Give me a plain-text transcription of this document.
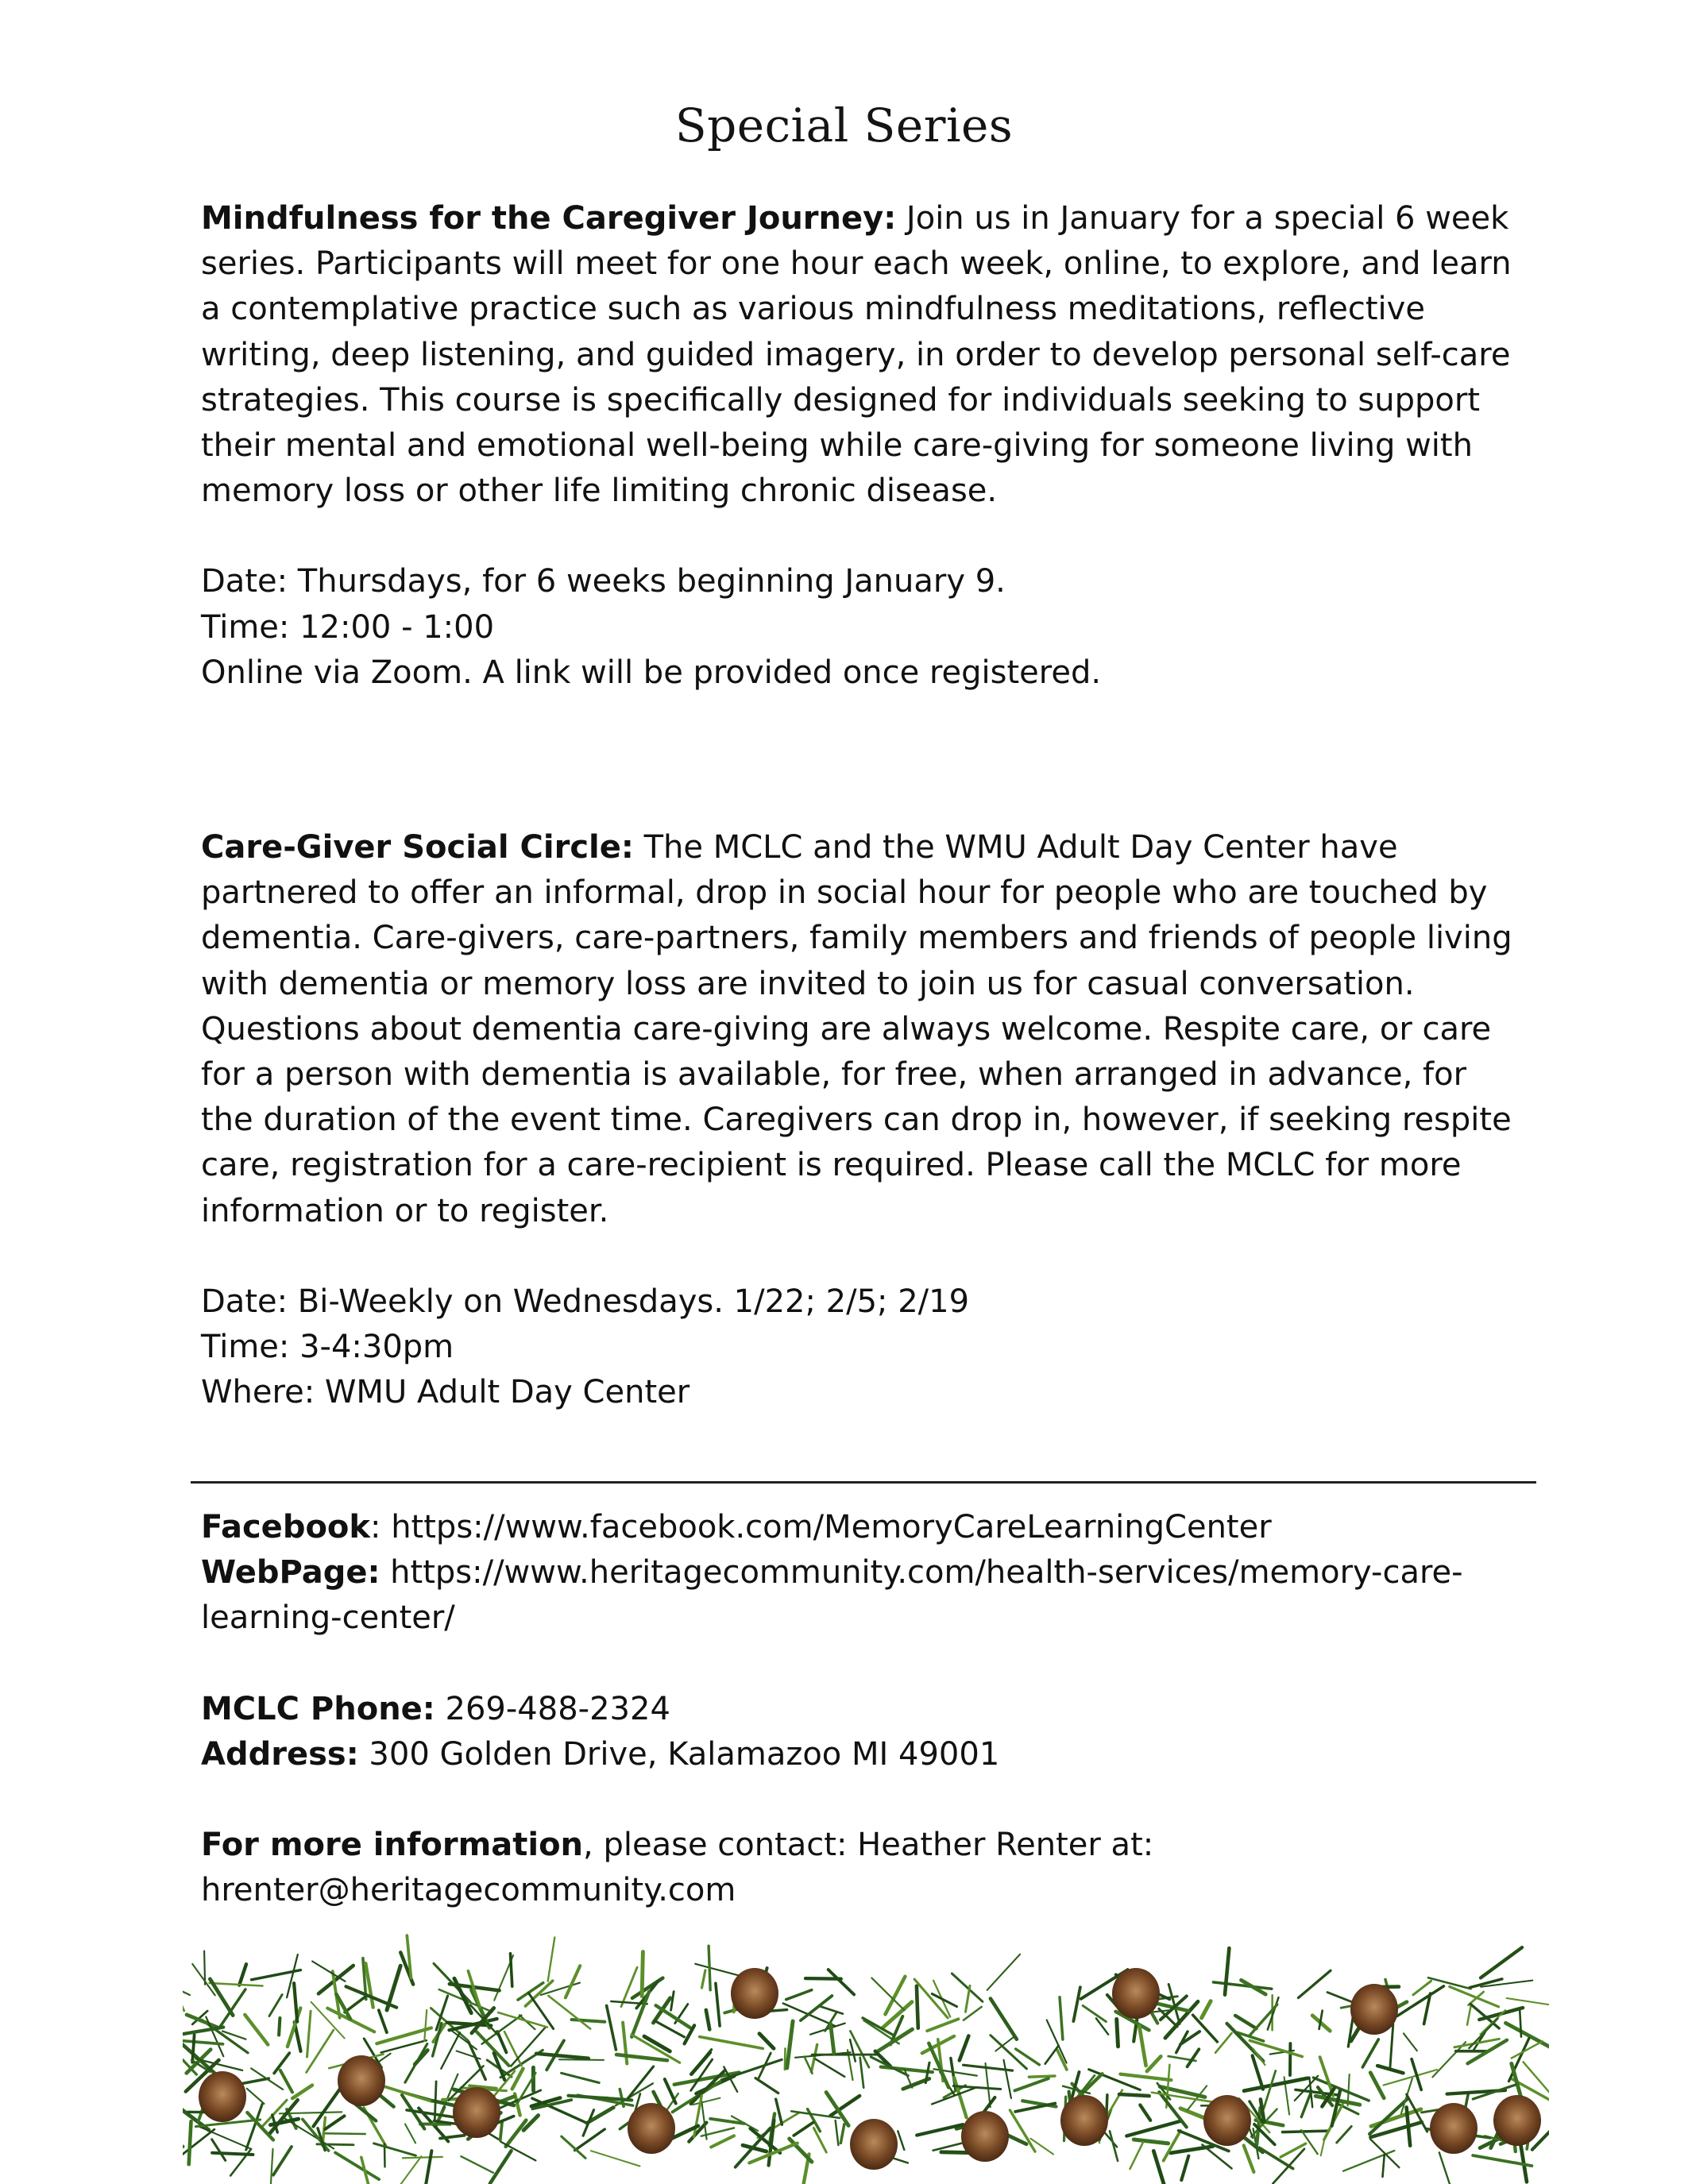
Special Series

Mindfulness for the Caregiver Journey: Join us in January for a special 6 week series. Participants will meet for one hour each week, online, to explore, and learn a contemplative practice such as various mindfulness meditations, reflective writing, deep listening, and guided imagery, in order to develop personal self-care strategies. This course is specifically designed for individuals seeking to support their mental and emotional well-being while care-giving for someone living with memory loss or other life limiting chronic disease.

Date: Thursdays, for 6 weeks beginning January 9.
Time: 12:00 - 1:00
Online via Zoom. A link will be provided once registered.

Care-Giver Social Circle: The MCLC and the WMU Adult Day Center have partnered to offer an informal, drop in social hour for people who are touched by dementia. Care-givers, care-partners, family members and friends of people living with dementia or memory loss are invited to join us for casual conversation. Questions about dementia care-giving are always welcome. Respite care, or care for a person with dementia is available, for free, when arranged in advance, for the duration of the event time. Caregivers can drop in, however, if seeking respite care, registration for a care-recipient is required. Please call the MCLC for more information or to register.

Date: Bi-Weekly on Wednesdays. 1/22; 2/5; 2/19
Time: 3-4:30pm
Where: WMU Adult Day Center
Facebook: https://www.facebook.com/MemoryCareLearningCenter
WebPage: https://www.heritagecommunity.com/health-services/memory-care-learning-center/
MCLC Phone: 269-488-2324
Address: 300 Golden Drive, Kalamazoo MI 49001
For more information, please contact: Heather Renter at: hrenter@heritagecommunity.com
